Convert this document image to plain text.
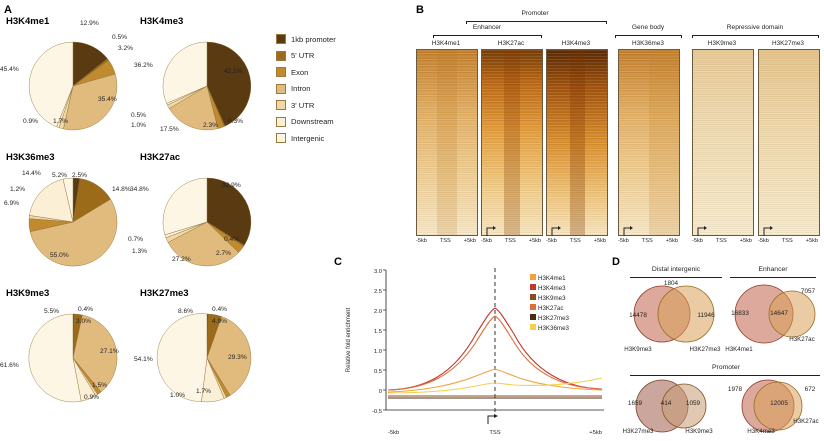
A	B
C	D
H3K4me1	12.9%
0.5%
3.2%
35.4%
1.7%
0.9%
45.4%
H3K4me3
42.1%
0.3%
2.3%
17.5%
1.0%
0.5%
36.2%
H3K36me3
2.5%
14.8%
55.0%
6.9%
1.2%
14.4% 5.2%
H3K27ac
32.9%
0.4%
2.7%
27.2%
1.3%
0.7%
34.8%
H3K9me3
0.4%
3.0%
27.1%
1.5%
0.9%
5.5%
61.6%
H3K27me3
0.4%
4.9%
29.3%
1.7%
1.0%
8.6%
54.1%
1kb promoter
5' UTR
Exon
Intron
3' UTR
Downstream
Intergenic
Promoter
Enhancer	Gene body	Repressive domain
H3K4me1
-5kb TSS +5kb
H3K27ac
-5kb TSS +5kb
H3K4me3
-5kb TSS +5kb
H3K36me3
-5kb TSS +5kb
H3K9me3
-5kb TSS +5kb
H3K27me3
-5kb TSS +5kb
3.0
2.5
2.0
1.5
1.0
0.5
0
-0.5
Relative fold enrichment
-5kb	TSS	+5kb
H3K4me1
H3K4me3
H3K9me3
H3K27ac
H3K27me3
H3K36me3
Distal intergenic
14478	11946
1804
H3K9me3	H3K27me3
Enhancer
16833	14647
7057
H3K4me1
H3K27ac
Promoter
1659	414	1059
H3K27me3	H3K9me3
1978
12005
672
H3K4me3
H3K27ac
